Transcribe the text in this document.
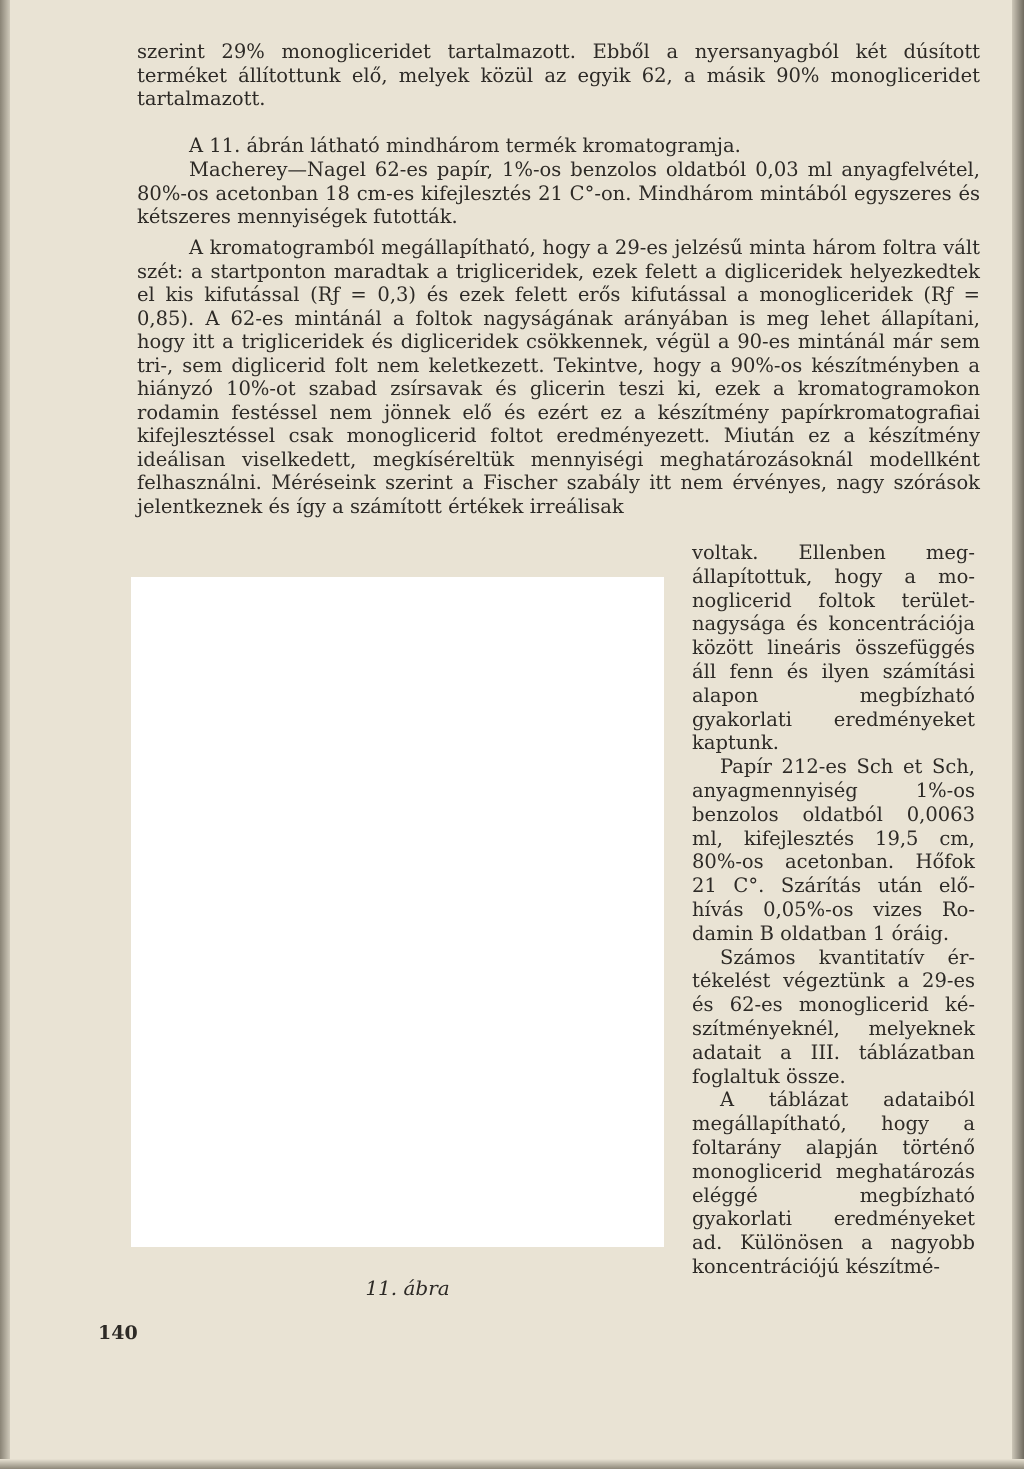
szerint 29% monogliceridet tartalmazott. Ebből a nyersanyagból két dúsított terméket állítottunk elő, melyek közül az egyik 62, a másik 90% monogliceridet tartalmazott.

A 11. ábrán látható mindhárom termék kromatogramja.

Macherey—Nagel 62-es papír, 1%-os benzolos oldatból 0,03 ml anyagfelvétel, 80%-os acetonban 18 cm-es kifejlesztés 21 C°-on. Mindhárom mintából egyszeres és kétszeres mennyiségek futották.

A kromatogramból megállapítható, hogy a 29-es jelzésű minta három foltra vált szét: a startponton maradtak a trigliceridek, ezek felett a digliceridek helyezkedtek el kis kifutással (Rƒ = 0,3) és ezek felett erős kifutással a monogliceridek (Rƒ = 0,85). A 62-es mintánál a foltok nagyságának arányában is meg lehet állapítani, hogy itt a trigliceridek és digliceridek csökkennek, végül a 90-es mintánál már sem tri-, sem diglicerid folt nem keletkezett. Tekintve, hogy a 90%-os készítményben a hiányzó 10%-ot szabad zsírsavak és glicerin teszi ki, ezek a kromatogramokon rodamin festéssel nem jönnek elő és ezért ez a készítmény papírkromatografiai kifejlesztéssel csak monoglicerid foltot eredményezett. Miután ez a készítmény ideálisan viselkedett, megkíséreltük mennyiségi meghatározásoknál modellként felhasználni. Méréseink szerint a Fischer szabály itt nem érvényes, nagy szórások jelentkeznek és így a számított értékek irreálisak

11. ábra

voltak. Ellenben megállapítottuk, hogy a monoglicerid foltok területnagysága és koncentrációja között lineáris összefüggés áll fenn és ilyen számítási alapon megbízható gyakorlati eredményeket kaptunk.

Papír 212-es Sch et Sch, anyagmennyiség 1%-os benzolos oldatból 0,0063 ml, kifejlesztés 19,5 cm, 80%-os acetonban. Hőfok 21 C°. Szárítás után előhívás 0,05%-os vizes Rodamin B oldatban 1 óráig.

Számos kvantitatív értékelést végeztünk a 29-es és 62-es monoglicerid készítményeknél, melyeknek adatait a III. táblázatban foglaltuk össze.

A táblázat adataiból megállapítható, hogy a foltarány alapján történő monoglicerid meghatározás eléggé megbízható gyakorlati eredményeket ad. Különösen a nagyobb koncentrációjú készítmé-

140
